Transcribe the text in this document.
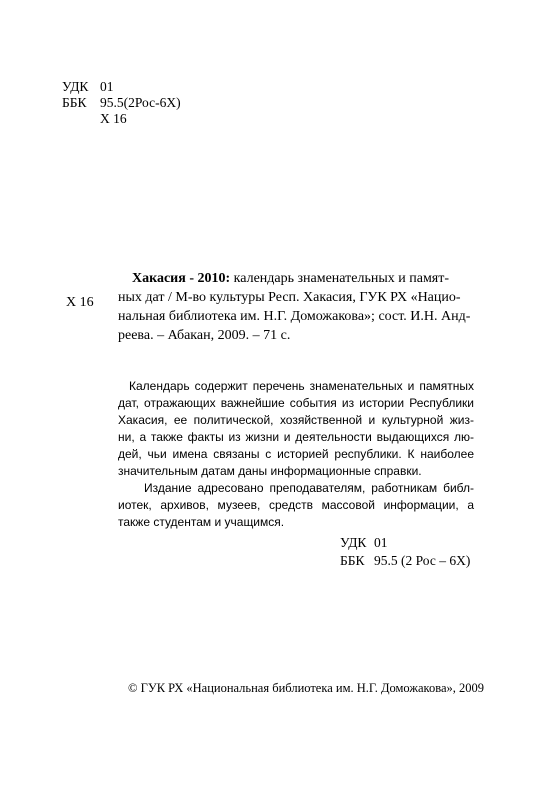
УДК 01
ББК 95.5(2Рос-6Х)
Х 16
Х 16
Хакасия - 2010: календарь знаменательных и памят-
ных дат / М-во культуры Респ. Хакасия, ГУК РХ «Нацио-
нальная библиотека им. Н.Г. Доможакова»; сост. И.Н. Анд-
реева. – Абакан, 2009. – 71 с.
Календарь содержит перечень знаменательных и памятных
дат, отражающих важнейшие события из истории Республики
Хакасия, ее политической, хозяйственной и культурной жиз-
ни, а также факты из жизни и деятельности выдающихся лю-
дей, чьи имена связаны с историей республики. К наиболее
значительным датам даны информационные справки.
Издание адресовано преподавателям, работникам библ-
иотек, архивов, музеев, средств массовой информации, а
также студентам и учащимся.
УДК 01
ББК 95.5 (2 Рос – 6Х)
© ГУК РХ «Национальная библиотека им. Н.Г. Доможакова», 2009
